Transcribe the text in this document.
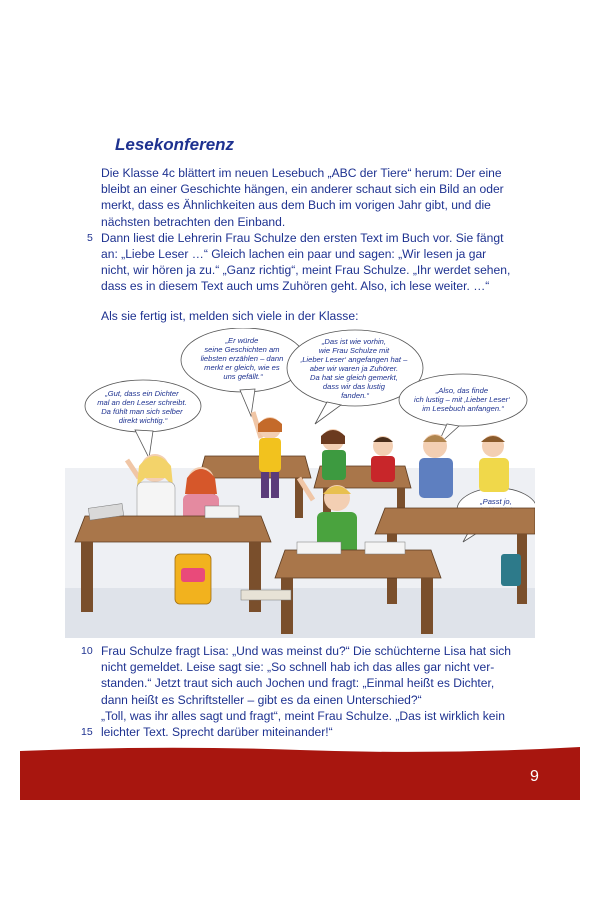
Lesekonferenz
Die Klasse 4c blättert im neuen Lesebuch „ABC der Tiere“ herum: Der eine
bleibt an einer Geschichte hängen, ein anderer schaut sich ein Bild an oder
merkt, dass es Ähnlichkeiten aus dem Buch im vorigen Jahr gibt, und die
nächsten betrachten den Einband.
5 Dann liest die Lehrerin Frau Schulze den ersten Text im Buch vor. Sie fängt
an: „Liebe Leser …“ Gleich lachen ein paar und sagen: „Wir lesen ja gar
nicht, wir hören ja zu.“ „Ganz richtig“, meint Frau Schulze. „Ihr werdet sehen,
dass es in diesem Text auch ums Zuhören geht. Also, ich lese weiter. …“
Als sie fertig ist, melden sich viele in der Klasse:
„Gut, dass ein Dichter mal an den Leser schreibt. Da fühlt man sich selber direkt wichtig.“
„Er würde seine Geschichten am liebsten erzählen – dann merkt er gleich, wie es uns gefällt.“
„Das ist wie vorhin, wie Frau Schulze mit ‚Lieber Leser‘ angefangen hat – aber wir waren ja Zuhörer. Da hat sie gleich gemerkt, dass wir das lustig fanden.“
„Also, das finde ich lustig – mit ‚Lieber Leser‘ im Lesebuch anfangen.“
„Passt jo,
10 Frau Schulze fragt Lisa: „Und was meinst du?“ Die schüchterne Lisa hat sich
nicht gemeldet. Leise sagt sie: „So schnell hab ich das alles gar nicht ver-
standen.“ Jetzt traut sich auch Jochen und fragt: „Einmal heißt es Dichter,
dann heißt es Schriftsteller – gibt es da einen Unterschied?“
„Toll, was ihr alles sagt und fragt“, meint Frau Schulze. „Das ist wirklich kein
15 leichter Text. Sprecht darüber miteinander!“
9
